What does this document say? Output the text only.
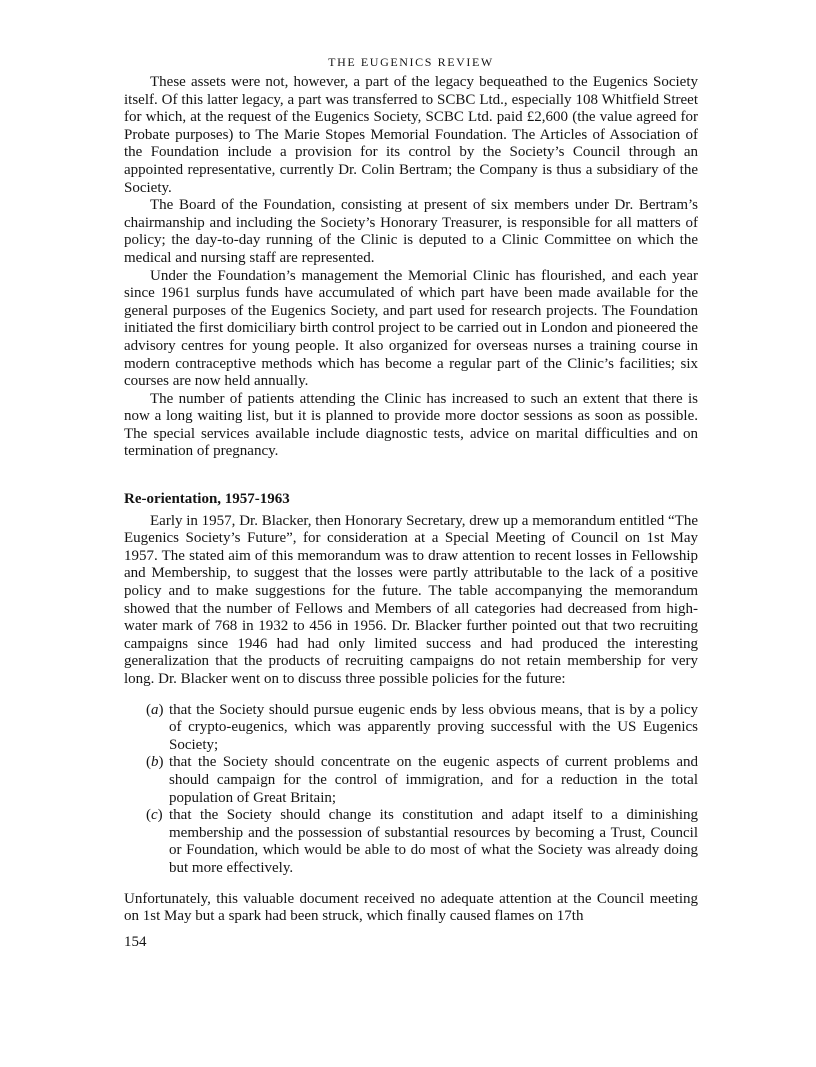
THE EUGENICS REVIEW

These assets were not, however, a part of the legacy bequeathed to the Eugenics Society itself. Of this latter legacy, a part was transferred to SCBC Ltd., especially 108 Whitfield Street for which, at the request of the Eugenics Society, SCBC Ltd. paid £2,600 (the value agreed for Probate purposes) to The Marie Stopes Memorial Foundation. The Articles of Association of the Foundation include a provision for its control by the Society’s Council through an appointed representative, currently Dr. Colin Bertram; the Company is thus a subsidiary of the Society.

The Board of the Foundation, consisting at present of six members under Dr. Bertram’s chairmanship and including the Society’s Honorary Treasurer, is responsible for all matters of policy; the day-to-day running of the Clinic is deputed to a Clinic Committee on which the medical and nursing staff are represented.

Under the Foundation’s management the Memorial Clinic has flourished, and each year since 1961 surplus funds have accumulated of which part have been made available for the general purposes of the Eugenics Society, and part used for research projects. The Foundation initiated the first domiciliary birth control project to be carried out in London and pioneered the advisory centres for young people. It also organized for overseas nurses a training course in modern contraceptive methods which has become a regular part of the Clinic’s facilities; six courses are now held annually.

The number of patients attending the Clinic has increased to such an extent that there is now a long waiting list, but it is planned to provide more doctor sessions as soon as possible. The special services available include diagnostic tests, advice on marital difficulties and on termination of pregnancy.

Re-orientation, 1957-1963

Early in 1957, Dr. Blacker, then Honorary Secretary, drew up a memorandum entitled “The Eugenics Society’s Future”, for consideration at a Special Meeting of Council on 1st May 1957. The stated aim of this memorandum was to draw attention to recent losses in Fellowship and Membership, to suggest that the losses were partly attributable to the lack of a positive policy and to make suggestions for the future. The table accompanying the memorandum showed that the number of Fellows and Members of all categories had decreased from high-water mark of 768 in 1932 to 456 in 1956. Dr. Blacker further pointed out that two recruiting campaigns since 1946 had had only limited success and had produced the interesting generalization that the products of recruiting campaigns do not retain membership for very long. Dr. Blacker went on to discuss three possible policies for the future:

(a) that the Society should pursue eugenic ends by less obvious means, that is by a policy of crypto-eugenics, which was apparently proving successful with the US Eugenics Society;
(b) that the Society should concentrate on the eugenic aspects of current problems and should campaign for the control of immigration, and for a reduction in the total population of Great Britain;
(c) that the Society should change its constitution and adapt itself to a diminishing membership and the possession of substantial resources by becoming a Trust, Council or Foundation, which would be able to do most of what the Society was already doing but more effectively.

Unfortunately, this valuable document received no adequate attention at the Council meeting on 1st May but a spark had been struck, which finally caused flames on 17th

154
